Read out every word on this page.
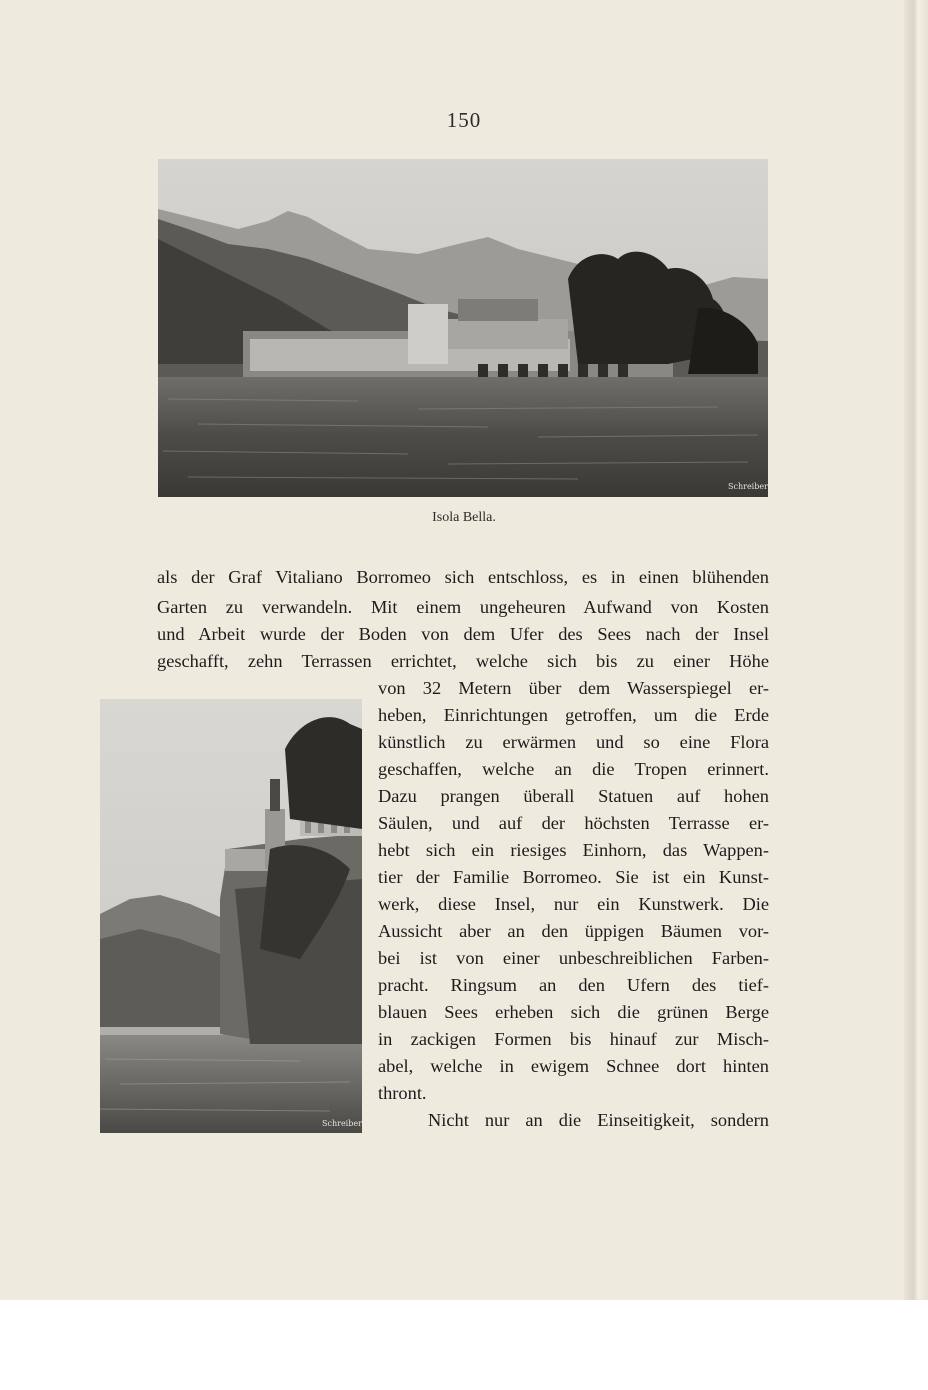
150
Schreiber
Isola Bella.
als der Graf Vitaliano Borromeo sich entschloss, es in einen blühenden
Garten zu verwandeln. Mit einem ungeheuren Aufwand von Kosten
und Arbeit wurde der Boden von dem Ufer des Sees nach der Insel
geschafft, zehn Terrassen errichtet, welche sich bis zu einer Höhe
Schreiber
von 32 Metern über dem Wasserspiegel er-
heben, Einrichtungen getroffen, um die Erde
künstlich zu erwärmen und so eine Flora
geschaffen, welche an die Tropen erinnert.
Dazu prangen überall Statuen auf hohen
Säulen, und auf der höchsten Terrasse er-
hebt sich ein riesiges Einhorn, das Wappen-
tier der Familie Borromeo. Sie ist ein Kunst-
werk, diese Insel, nur ein Kunstwerk. Die
Aussicht aber an den üppigen Bäumen vor-
bei ist von einer unbeschreiblichen Farben-
pracht. Ringsum an den Ufern des tief-
blauen Sees erheben sich die grünen Berge
in zackigen Formen bis hinauf zur Misch-
abel, welche in ewigem Schnee dort hinten
thront.
Nicht nur an die Einseitigkeit, sondern
